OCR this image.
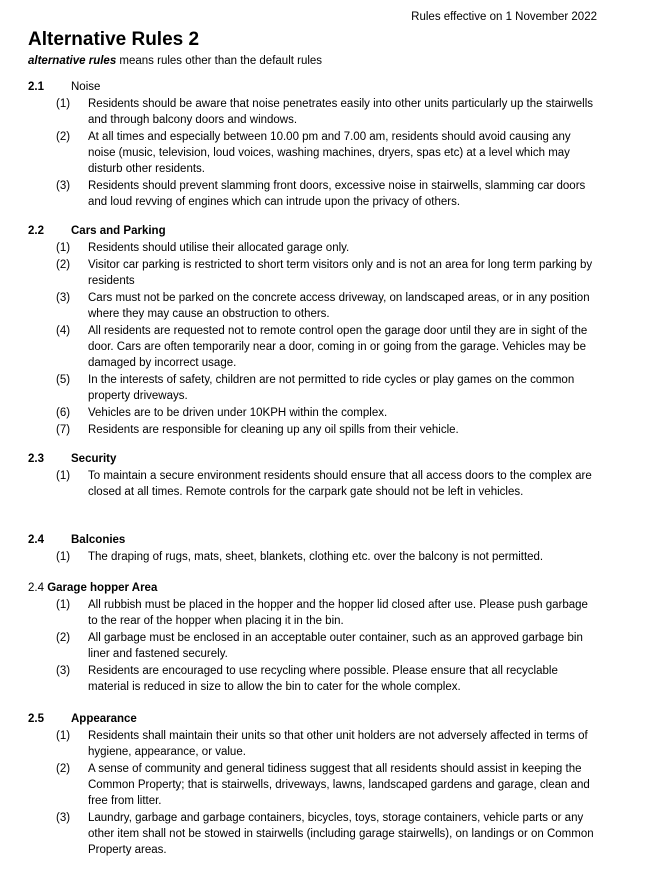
Rules effective on 1 November 2022
Alternative Rules 2
alternative rules means rules other than the default rules
2.1	Noise
(1)	Residents should be aware that noise penetrates easily into other units particularly up the stairwells and through balcony doors and windows.
(2)	At all times and especially between 10.00 pm and 7.00 am, residents should avoid causing any noise (music, television, loud voices, washing machines, dryers, spas etc) at a level which may disturb other residents.
(3)	Residents should prevent slamming front doors, excessive noise in stairwells, slamming car doors and loud revving of engines which can intrude upon the privacy of others.
2.2	Cars and Parking
(1)	Residents should utilise their allocated garage only.
(2)	Visitor car parking is restricted to short term visitors only and is not an area for long term parking by residents
(3)	Cars must not be parked on the concrete access driveway, on landscaped areas, or in any position where they may cause an obstruction to others.
(4)	All residents are requested not to remote control open the garage door until they are in sight of the door. Cars are often temporarily near a door, coming in or going from the garage. Vehicles may be damaged by incorrect usage.
(5)	In the interests of safety, children are not permitted to ride cycles or play games on the common property driveways.
(6)	Vehicles are to be driven under 10KPH within the complex.
(7)	Residents are responsible for cleaning up any oil spills from their vehicle.
2.3	Security
(1)	To maintain a secure environment residents should ensure that all access doors to the complex are closed at all times. Remote controls for the carpark gate should not be left in vehicles.
2.4	Balconies
(1)	The draping of rugs, mats, sheet, blankets, clothing etc. over the balcony is not permitted.
2.4
Garage hopper Area
(1)	All rubbish must be placed in the hopper and the hopper lid closed after use. Please push garbage to the rear of the hopper when placing it in the bin.
(2)	All garbage must be enclosed in an acceptable outer container, such as an approved garbage bin liner and fastened securely.
(3)	Residents are encouraged to use recycling where possible. Please ensure that all recyclable material is reduced in size to allow the bin to cater for the whole complex.
2.5	Appearance
(1)	Residents shall maintain their units so that other unit holders are not adversely affected in terms of hygiene, appearance, or value.
(2)	A sense of community and general tidiness suggest that all residents should assist in keeping the Common Property; that is stairwells, driveways, lawns, landscaped gardens and garage, clean and free from litter.
(3)	Laundry, garbage and garbage containers, bicycles, toys, storage containers, vehicle parts or any other item shall not be stowed in stairwells (including garage stairwells), on landings or on Common Property areas.
